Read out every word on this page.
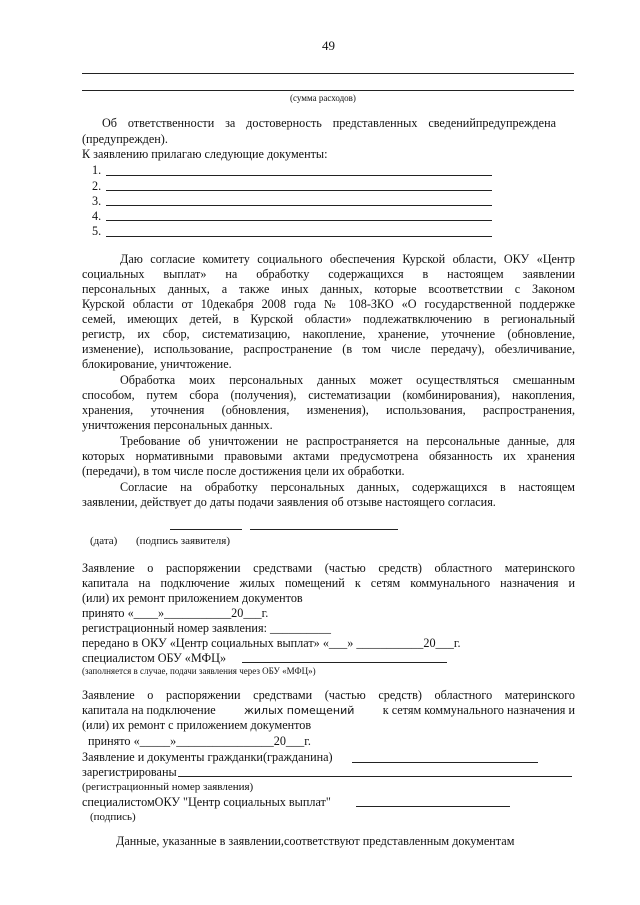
49
(сумма расходов)
Об ответственности за достоверность представленных сведенийпредупреждена
(предупрежден).
К заявлению прилагаю следующие документы:
1.
2.
3.
4.
5.
Даю согласие комитету социального обеспечения Курской области, ОКУ «Центр
социальных выплат» на обработку содержащихся в настоящем заявлении
персональных данных, а также иных данных, которые всоответствии с Законом
Курской области от 10декабря 2008 года № 108-ЗКО «О государственной поддержке
семей, имеющих детей, в Курской области» подлежатвключению в региональный
регистр, их сбор, систематизацию, накопление, хранение, уточнение (обновление,
изменение), использование, распространение (в том числе передачу), обезличивание,
блокирование, уничтожение.
Обработка моих персональных данных может осуществляться смешанным
способом, путем сбора (получения), систематизации (комбинирования), накопления,
хранения, уточнения (обновления, изменения), использования, распространения,
уничтожения персональных данных.
Требование об уничтожении не распространяется на персональные данные, для
которых нормативными правовыми актами предусмотрена обязанность их хранения
(передачи), в том числе после достижения цели их обработки.
Согласие на обработку персональных данных, содержащихся в настоящем
заявлении, действует до даты подачи заявления об отзыве настоящего согласия.
(дата) (подпись заявителя)
Заявление о распоряжении средствами (частью средств) областного материнского
капитала на подключение жилых помещений к сетям коммунального назначения и
(или) их ремонт приложением документов
принято «____»___________20___г.
регистрационный номер заявления: __________
передано в ОКУ «Центр социальных выплат» «___» ___________20___г.
специалистом ОБУ «МФЦ»
(заполняется в случае, подачи заявления через ОБУ «МФЦ»)
Заявление о распоряжении средствами (частью средств) областного материнского
капитала на подключение	жилых помещений к сетям коммунального назначения и
(или) их ремонт с приложением документов
принято «_____»________________20___г.
Заявление и документы гражданки(гражданина)
зарегистрированы
(регистрационный номер заявления)
специалистомОКУ "Центр социальных выплат"
(подпись)
Данные, указанные в заявлении,соответствуют представленным документам
